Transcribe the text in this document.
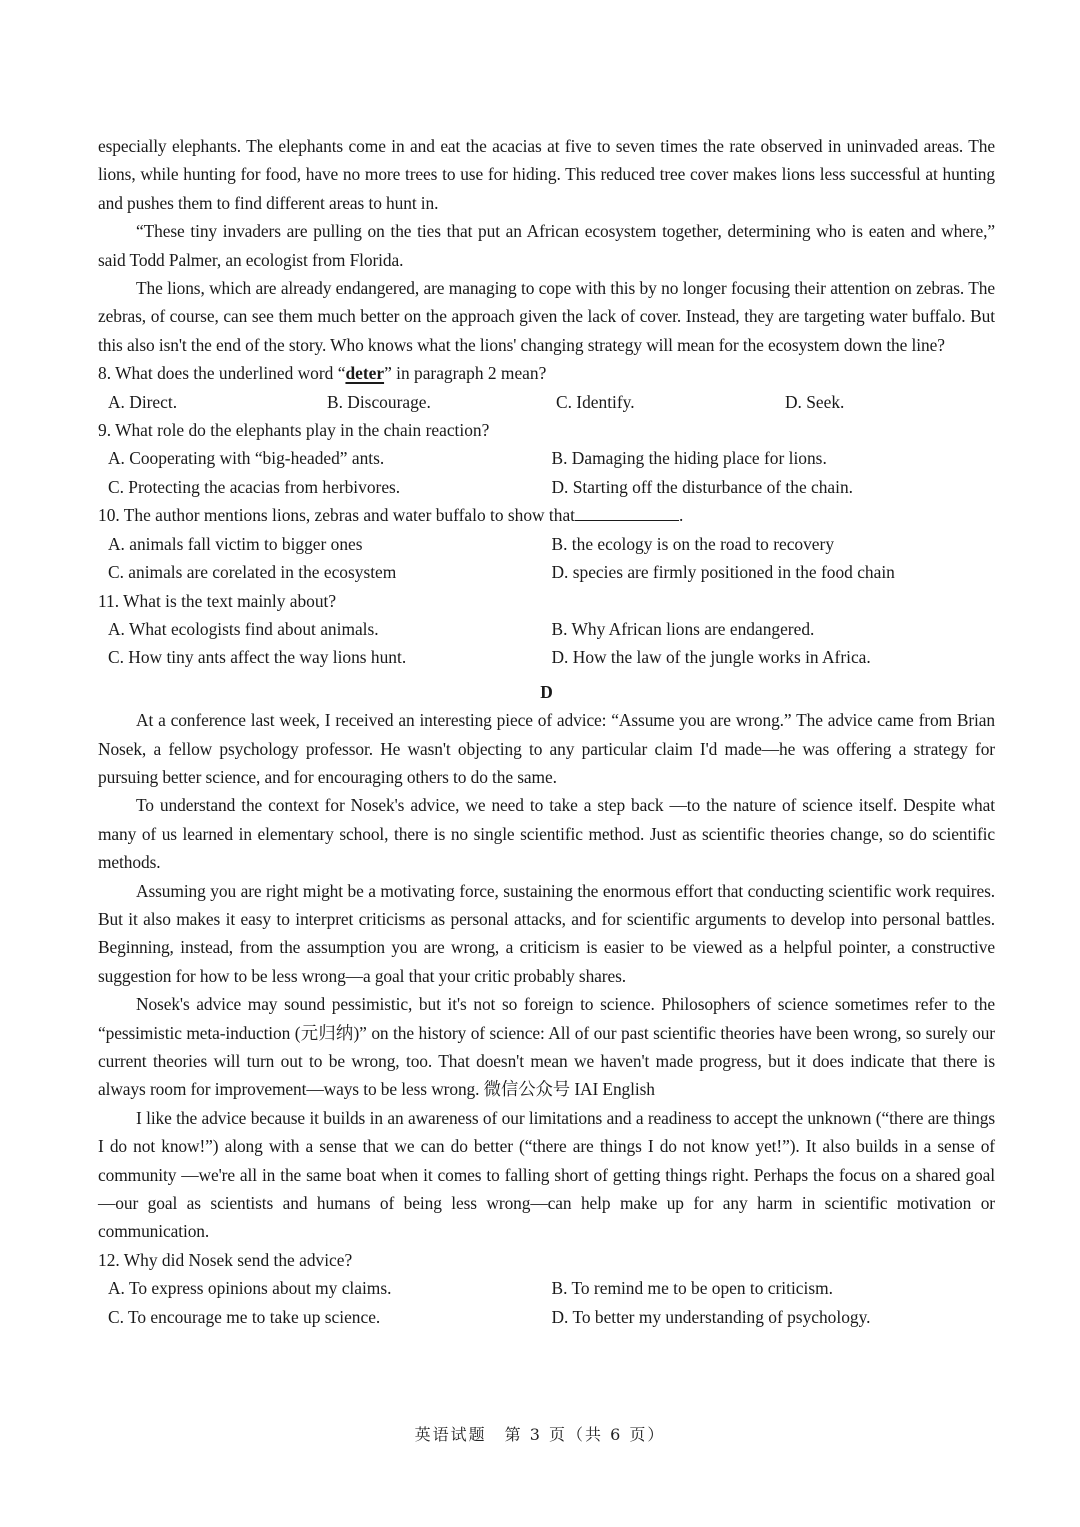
especially elephants. The elephants come in and eat the acacias at five to seven times the rate observed in uninvaded areas. The lions, while hunting for food, have no more trees to use for hiding. This reduced tree cover makes lions less successful at hunting and pushes them to find different areas to hunt in.

“These tiny invaders are pulling on the ties that put an African ecosystem together, determining who is eaten and where,” said Todd Palmer, an ecologist from Florida.

The lions, which are already endangered, are managing to cope with this by no longer focusing their attention on zebras. The zebras, of course, can see them much better on the approach given the lack of cover. Instead, they are targeting water buffalo. But this also isn't the end of the story. Who knows what the lions' changing strategy will mean for the ecosystem down the line?

8. What does the underlined word “deter” in paragraph 2 mean?

A. Direct.	B. Discourage.	C. Identify.	D. Seek.

9. What role do the elephants play in the chain reaction?

A. Cooperating with “big-headed” ants.	B. Damaging the hiding place for lions.
C. Protecting the acacias from herbivores.	D. Starting off the disturbance of the chain.

10. The author mentions lions, zebras and water buffalo to show that	.

A. animals fall victim to bigger ones	B. the ecology is on the road to recovery
C. animals are corelated in the ecosystem	D. species are firmly positioned in the food chain

11. What is the text mainly about?

A. What ecologists find about animals.	B. Why African lions are endangered.
C. How tiny ants affect the way lions hunt.	D. How the law of the jungle works in Africa.
D

At a conference last week, I received an interesting piece of advice: “Assume you are wrong.” The advice came from Brian Nosek, a fellow psychology professor. He wasn't objecting to any particular claim I'd made—he was offering a strategy for pursuing better science, and for encouraging others to do the same.

To understand the context for Nosek's advice, we need to take a step back —to the nature of science itself. Despite what many of us learned in elementary school, there is no single scientific method. Just as scientific theories change, so do scientific methods.

Assuming you are right might be a motivating force, sustaining the enormous effort that conducting scientific work requires. But it also makes it easy to interpret criticisms as personal attacks, and for scientific arguments to develop into personal battles. Beginning, instead, from the assumption you are wrong, a criticism is easier to be viewed as a helpful pointer, a constructive suggestion for how to be less wrong—a goal that your critic probably shares.

Nosek's advice may sound pessimistic, but it's not so foreign to science. Philosophers of science sometimes refer to the “pessimistic meta-induction (元归纳)” on the history of science: All of our past scientific theories have been wrong, so surely our current theories will turn out to be wrong, too. That doesn't mean we haven't made progress, but it does indicate that there is always room for improvement—ways to be less wrong. 微信公众号 IAI English

I like the advice because it builds in an awareness of our limitations and a readiness to accept the unknown (“there are things I do not know!”) along with a sense that we can do better (“there are things I do not know yet!”). It also builds in a sense of community —we're all in the same boat when it comes to falling short of getting things right. Perhaps the focus on a shared goal—our goal as scientists and humans of being less wrong—can help make up for any harm in scientific motivation or communication.

12. Why did Nosek send the advice?

A. To express opinions about my claims.	B. To remind me to be open to criticism.
C. To encourage me to take up science.	D. To better my understanding of psychology.
英语试题　第 3 页（共 6 页）
